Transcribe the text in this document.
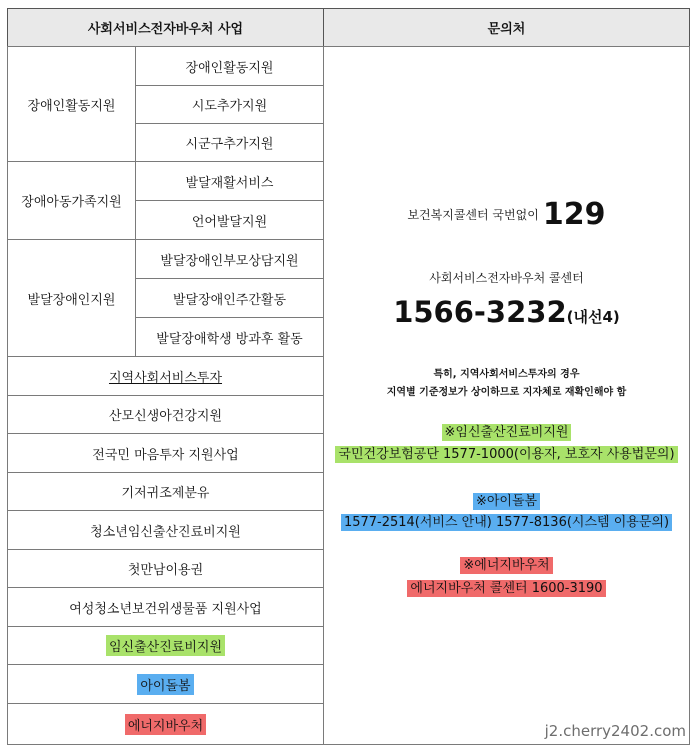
사회서비스전자바우처 사업	문의처
장애인활동지원
장애인활동지원
시도추가지원
시군구추가지원
장애아동가족지원
발달재활서비스
언어발달지원
발달장애인지원
발달장애인부모상담지원
발달장애인주간활동
발달장애학생 방과후 활동
지역사회서비스투자
산모신생아건강지원
전국민 마음투자 지원사업
기저귀조제분유
청소년임신출산진료비지원
첫만남이용권
여성청소년보건위생물품 지원사업
임신출산진료비지원
아이돌봄
에너지바우처
보건복지콜센터 국번없이 129
사회서비스전자바우처 콜센터
1566-3232(내선4)
특히, 지역사회서비스투자의 경우
지역별 기준정보가 상이하므로 지자체로 재확인해야 함
※임신출산진료비지원
국민건강보험공단 1577-1000(이용자, 보호자 사용법문의)
※아이돌봄
1577-2514(서비스 안내) 1577-8136(시스템 이용문의)
※에너지바우처
에너지바우처 콜센터 1600-3190
j2.cherry2402.com
